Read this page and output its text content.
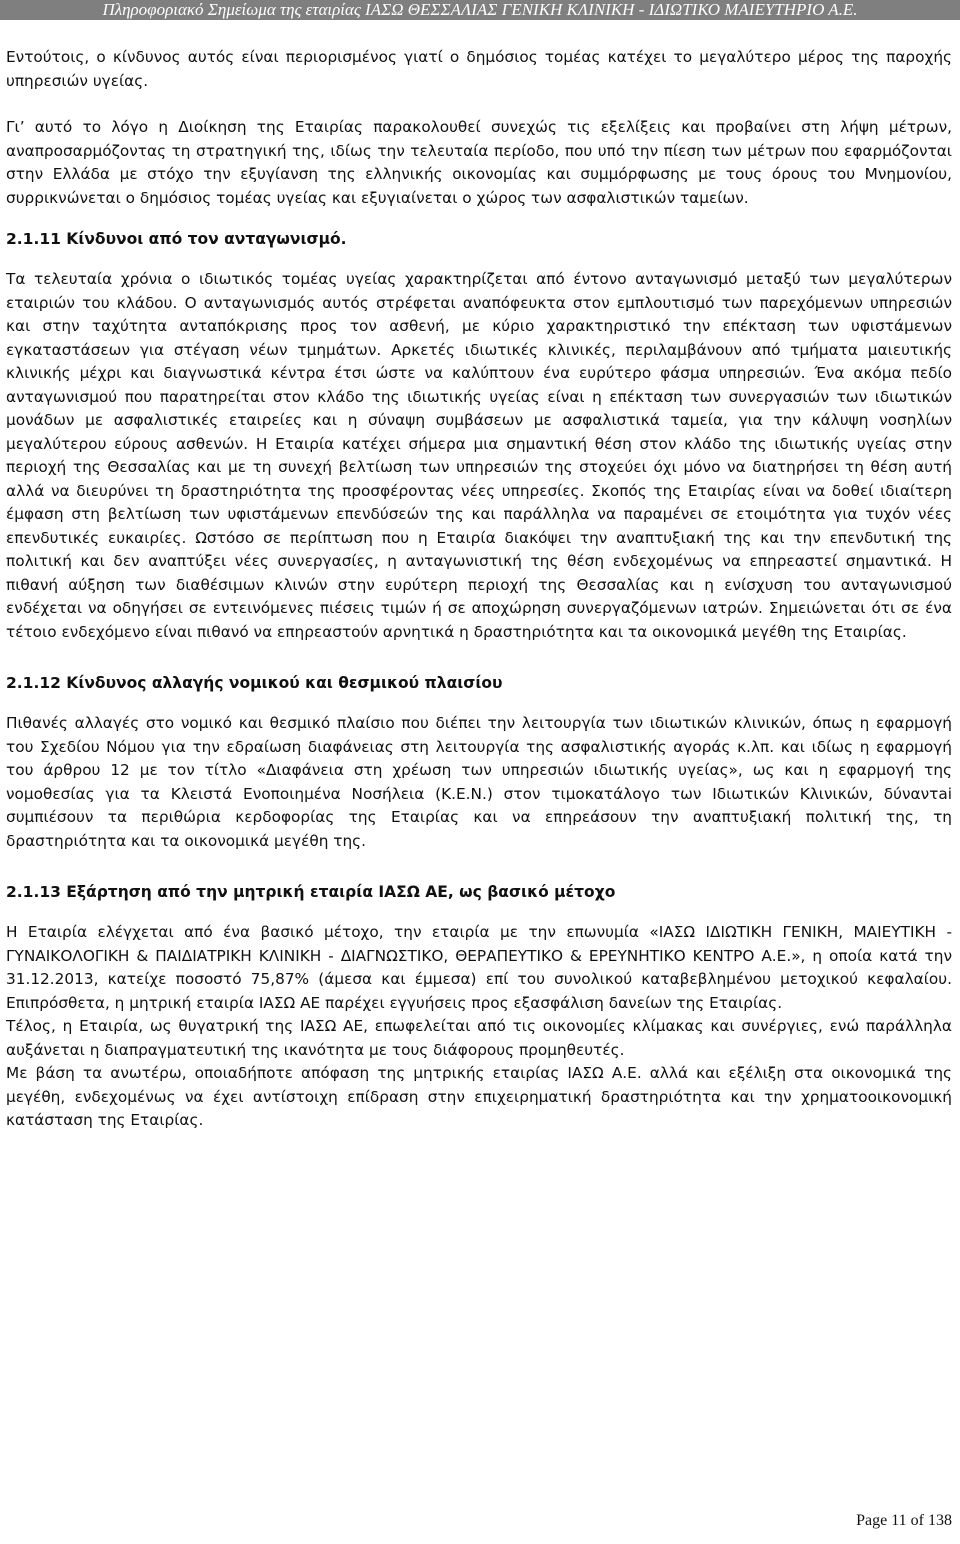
Πληροφοριακό Σημείωμα της εταιρίας ΙΑΣΩ ΘΕΣΣΑΛΙΑΣ ΓΕΝΙΚΗ ΚΛΙΝΙΚΗ - ΙΔΙΩΤΙΚΟ ΜΑΙΕΥΤΗΡΙΟ Α.Ε.

Εντούτοις, ο κίνδυνος αυτός είναι περιορισμένος γιατί ο δημόσιος τομέας κατέχει το μεγαλύτερο μέρος της παροχής υπηρεσιών υγείας.

Γι’ αυτό το λόγο η Διοίκηση της Εταιρίας παρακολουθεί συνεχώς τις εξελίξεις και προβαίνει στη λήψη μέτρων, αναπροσαρμόζοντας τη στρατηγική της, ιδίως την τελευταία περίοδο, που υπό την πίεση των μέτρων που εφαρμόζονται στην Ελλάδα με στόχο την εξυγίανση της ελληνικής οικονομίας και συμμόρφωσης με τους όρους του Μνημονίου, συρρικνώνεται ο δημόσιος τομέας υγείας και εξυγιαίνεται ο χώρος των ασφαλιστικών ταμείων.

2.1.11 Κίνδυνοι από τον ανταγωνισμό.

Τα τελευταία χρόνια ο ιδιωτικός τομέας υγείας χαρακτηρίζεται από έντονο ανταγωνισμό μεταξύ των μεγαλύτερων εταιριών του κλάδου. Ο ανταγωνισμός αυτός στρέφεται αναπόφευκτα στον εμπλουτισμό των παρεχόμενων υπηρεσιών και στην ταχύτητα ανταπόκρισης προς τον ασθενή, με κύριο χαρακτηριστικό την επέκταση των υφιστάμενων εγκαταστάσεων για στέγαση νέων τμημάτων. Αρκετές ιδιωτικές κλινικές, περιλαμβάνουν από τμήματα μαιευτικής κλινικής μέχρι και διαγνωστικά κέντρα έτσι ώστε να καλύπτουν ένα ευρύτερο φάσμα υπηρεσιών. Ένα ακόμα πεδίο ανταγωνισμού που παρατηρείται στον κλάδο της ιδιωτικής υγείας είναι η επέκταση των συνεργασιών των ιδιωτικών μονάδων με ασφαλιστικές εταιρείες και η σύναψη συμβάσεων με ασφαλιστικά ταμεία, για την κάλυψη νοσηλίων μεγαλύτερου εύρους ασθενών. Η Εταιρία κατέχει σήμερα μια σημαντική θέση στον κλάδο της ιδιωτικής υγείας στην περιοχή της Θεσσαλίας και με τη συνεχή βελτίωση των υπηρεσιών της στοχεύει όχι μόνο να διατηρήσει τη θέση αυτή αλλά να διευρύνει τη δραστηριότητα της προσφέροντας νέες υπηρεσίες. Σκοπός της Εταιρίας είναι να δοθεί ιδιαίτερη έμφαση στη βελτίωση των υφιστάμενων επενδύσεών της και παράλληλα να παραμένει σε ετοιμότητα για τυχόν νέες επενδυτικές ευκαιρίες. Ωστόσο σε περίπτωση που η Εταιρία διακόψει την αναπτυξιακή της και την επενδυτική της πολιτική και δεν αναπτύξει νέες συνεργασίες, η ανταγωνιστική της θέση ενδεχομένως να επηρεαστεί σημαντικά. Η πιθανή αύξηση των διαθέσιμων κλινών στην ευρύτερη περιοχή της Θεσσαλίας και η ενίσχυση του ανταγωνισμού ενδέχεται να οδηγήσει σε εντεινόμενες πιέσεις τιμών ή σε αποχώρηση συνεργαζόμενων ιατρών. Σημειώνεται ότι σε ένα τέτοιο ενδεχόμενο είναι πιθανό να επηρεαστούν αρνητικά η δραστηριότητα και τα οικονομικά μεγέθη της Εταιρίας.

2.1.12 Κίνδυνος αλλαγής νομικού και θεσμικού πλαισίου

Πιθανές αλλαγές στο νομικό και θεσμικό πλαίσιο που διέπει την λειτουργία των ιδιωτικών κλινικών, όπως η εφαρμογή του Σχεδίου Νόμου για την εδραίωση διαφάνειας στη λειτουργία της ασφαλιστικής αγοράς κ.λπ. και ιδίως η εφαρμογή του άρθρου 12 με τον τίτλο «Διαφάνεια στη χρέωση των υπηρεσιών ιδιωτικής υγείας», ως και η εφαρμογή της νομοθεσίας για τα Κλειστά Ενοποιημένα Νοσήλεια (Κ.Ε.Ν.) στον τιμοκατάλογο των Ιδιωτικών Κλινικών, δύναντai συμπιέσουν τα περιθώρια κερδοφορίας της Εταιρίας και να επηρεάσουν την αναπτυξιακή πολιτική της, τη δραστηριότητα και τα οικονομικά μεγέθη της.

2.1.13 Εξάρτηση από την μητρική εταιρία ΙΑΣΩ ΑΕ, ως βασικό μέτοχο

Η Εταιρία ελέγχεται από ένα βασικό μέτοχο, την εταιρία με την επωνυμία «ΙΑΣΩ ΙΔΙΩΤΙΚΗ ΓΕΝΙΚΗ, ΜΑΙΕΥΤΙΚΗ - ΓΥΝΑΙΚΟΛΟΓΙΚΗ & ΠΑΙΔΙΑΤΡΙΚΗ ΚΛΙΝΙΚΗ - ΔΙΑΓΝΩΣΤΙΚΟ, ΘΕΡΑΠΕΥΤΙΚΟ & ΕΡΕΥΝΗΤΙΚΟ ΚΕΝΤΡΟ Α.Ε.», η οποία κατά την 31.12.2013, κατείχε ποσοστό 75,87% (άμεσα και έμμεσα) επί του συνολικού καταβεβλημένου μετοχικού κεφαλαίου. Επιπρόσθετα, η μητρική εταιρία ΙΑΣΩ ΑΕ παρέχει εγγυήσεις προς εξασφάλιση δανείων της Εταιρίας.

Τέλος, η Εταιρία, ως θυγατρική της ΙΑΣΩ ΑΕ, επωφελείται από τις οικονομίες κλίμακας και συνέργιες, ενώ παράλληλα αυξάνεται η διαπραγματευτική της ικανότητα με τους διάφορους προμηθευτές.

Με βάση τα ανωτέρω, οποιαδήποτε απόφαση της μητρικής εταιρίας ΙΑΣΩ Α.Ε. αλλά και εξέλιξη στα οικονομικά της μεγέθη, ενδεχομένως να έχει αντίστοιχη επίδραση στην επιχειρηματική δραστηριότητα και την χρηματοοικονομική κατάσταση της Εταιρίας.

Page 11 of 138
